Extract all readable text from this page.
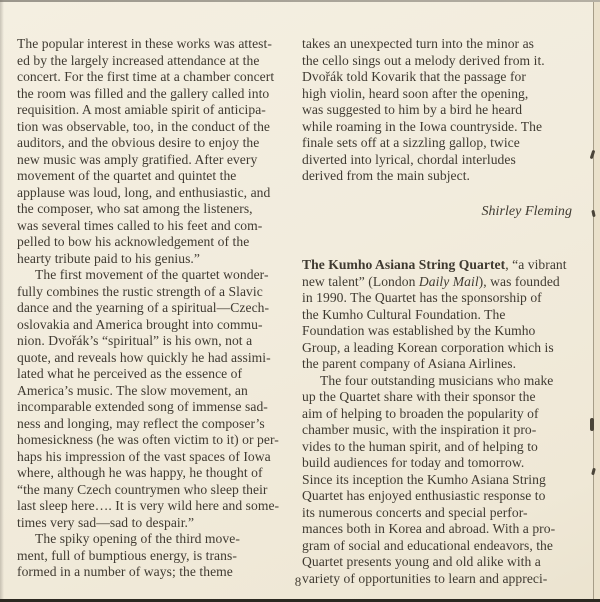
The popular interest in these works was attest-
ed by the largely increased attendance at the
concert. For the first time at a chamber concert
the room was filled and the gallery called into
requisition. A most amiable spirit of anticipa-
tion was observable, too, in the conduct of the
auditors, and the obvious desire to enjoy the
new music was amply gratified. After every
movement of the quartet and quintet the
applause was loud, long, and enthusiastic, and
the composer, who sat among the listeners,
was several times called to his feet and com-
pelled to bow his acknowledgement of the
hearty tribute paid to his genius.”
The first movement of the quartet wonder-
fully combines the rustic strength of a Slavic
dance and the yearning of a spiritual—Czech-
oslovakia and America brought into commu-
nion. Dvořák’s “spiritual” is his own, not a
quote, and reveals how quickly he had assimi-
lated what he perceived as the essence of
America’s music. The slow movement, an
incomparable extended song of immense sad-
ness and longing, may reflect the composer’s
homesickness (he was often victim to it) or per-
haps his impression of the vast spaces of Iowa
where, although he was happy, he thought of
“the many Czech countrymen who sleep their
last sleep here…. It is very wild here and some-
times very sad—sad to despair.”
The spiky opening of the third move-
ment, full of bumptious energy, is trans-
formed in a number of ways; the theme
takes an unexpected turn into the minor as
the cello sings out a melody derived from it.
Dvořák told Kovarik that the passage for
high violin, heard soon after the opening,
was suggested to him by a bird he heard
while roaming in the Iowa countryside. The
finale sets off at a sizzling gallop, twice
diverted into lyrical, chordal interludes
derived from the main subject.
Shirley Fleming
The Kumho Asiana String Quartet, “a vibrant
new talent” (London Daily Mail), was founded
in 1990. The Quartet has the sponsorship of
the Kumho Cultural Foundation. The
Foundation was established by the Kumho
Group, a leading Korean corporation which is
the parent company of Asiana Airlines.
The four outstanding musicians who make
up the Quartet share with their sponsor the
aim of helping to broaden the popularity of
chamber music, with the inspiration it pro-
vides to the human spirit, and of helping to
build audiences for today and tomorrow.
Since its inception the Kumho Asiana String
Quartet has enjoyed enthusiastic response to
its numerous concerts and special perfor-
mances both in Korea and abroad. With a pro-
gram of social and educational endeavors, the
Quartet presents young and old alike with a
variety of opportunities to learn and appreci-
8
